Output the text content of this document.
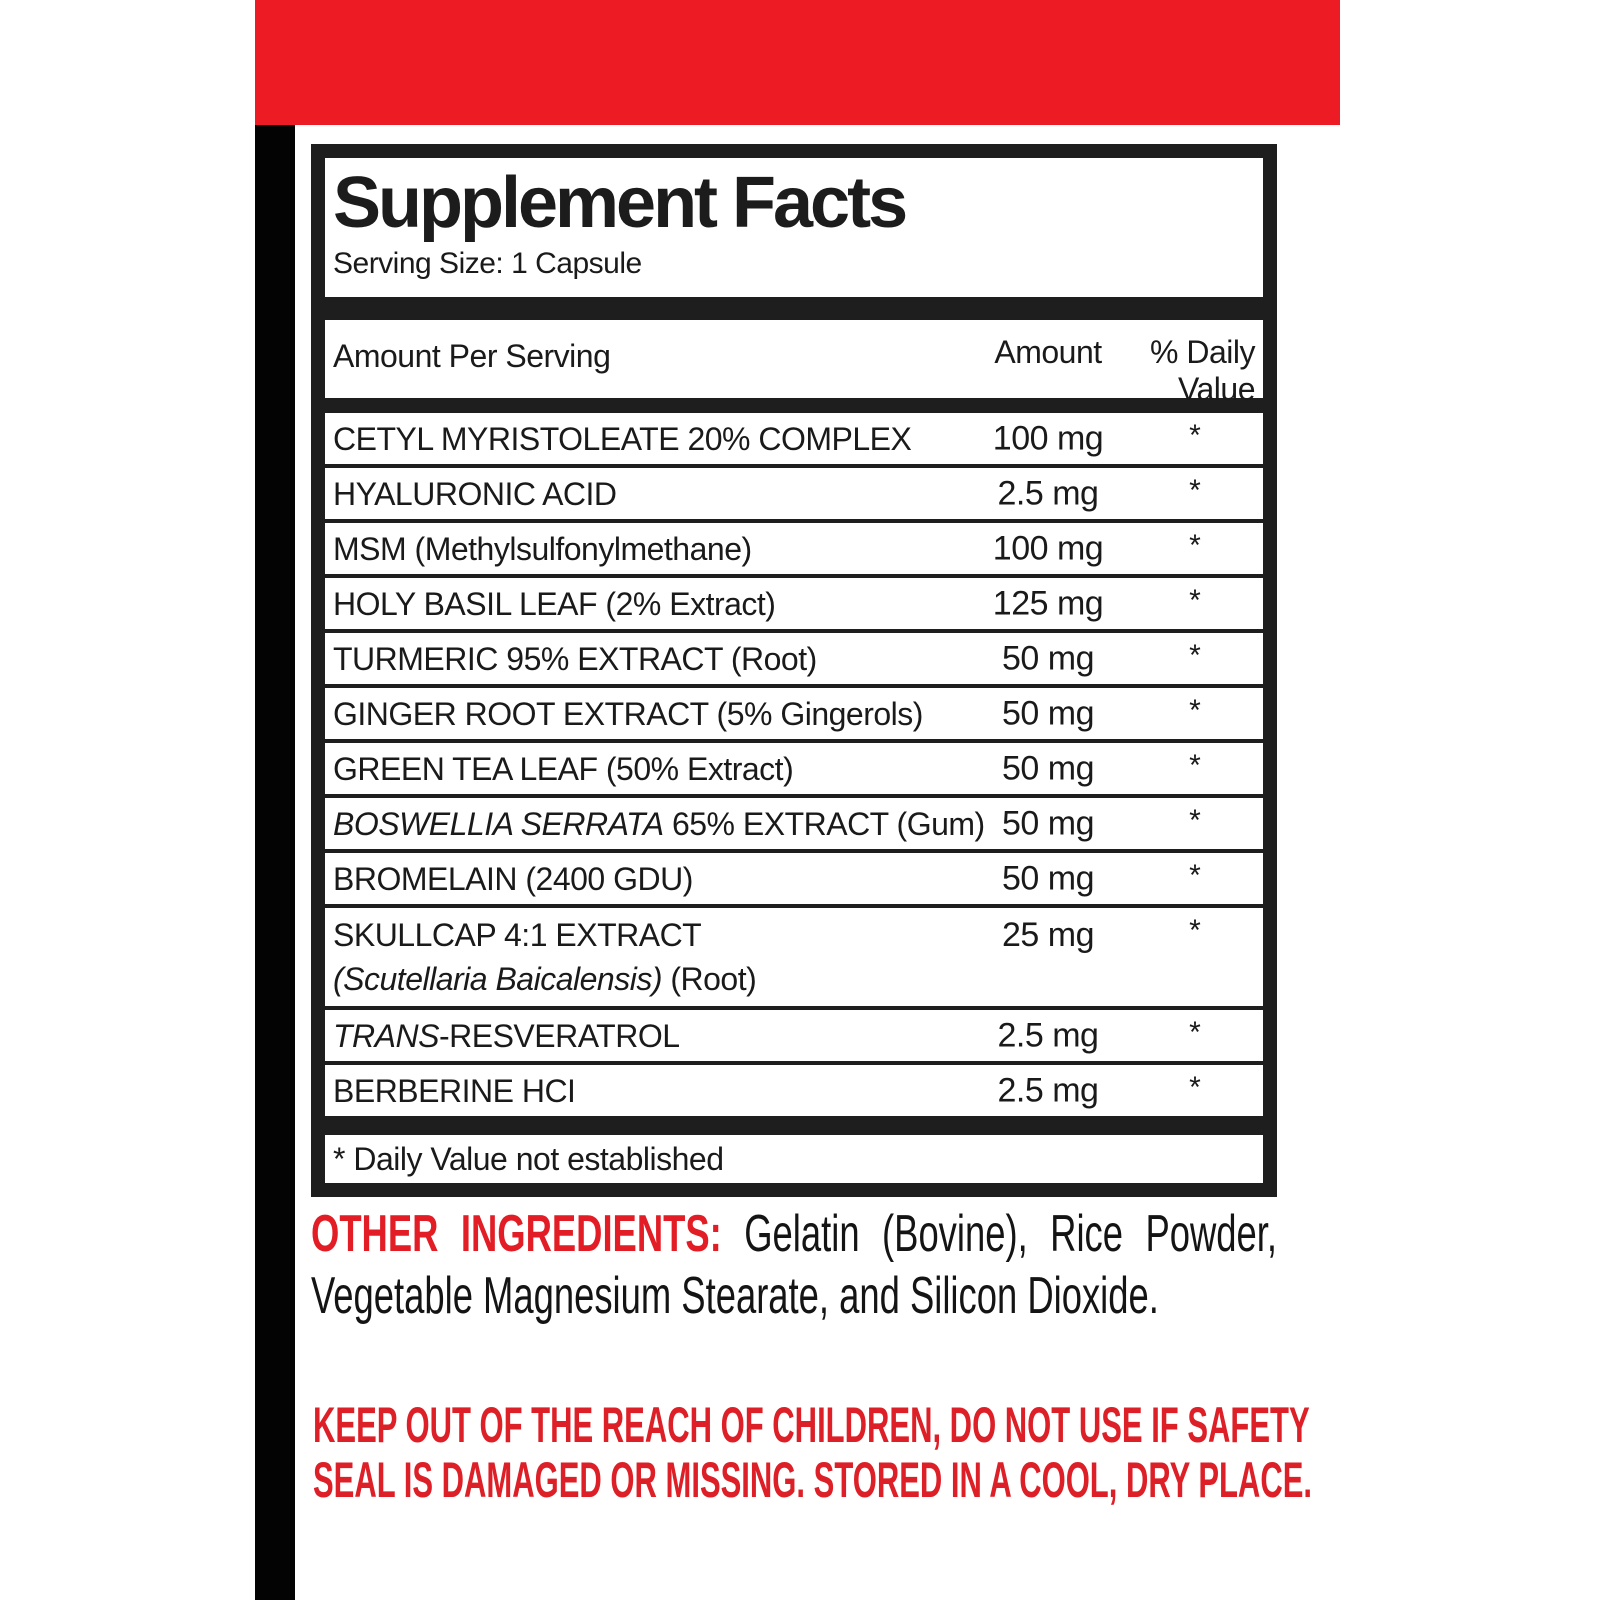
Supplement Facts
Serving Size: 1 Capsule
Amount Per Serving	Amount	% Daily
Value
CETYL MYRISTOLEATE 20% COMPLEX	100 mg	*
HYALURONIC ACID	2.5 mg	*
MSM (Methylsulfonylmethane)	100 mg	*
HOLY BASIL LEAF (2% Extract)	125 mg	*
TURMERIC 95% EXTRACT (Root)	50 mg	*
GINGER ROOT EXTRACT (5% Gingerols)	50 mg	*
GREEN TEA LEAF (50% Extract)	50 mg	*
BOSWELLIA SERRATA 65% EXTRACT (Gum) 50 mg	*
BROMELAIN (2400 GDU)	50 mg	*
SKULLCAP 4:1 EXTRACT
(Scutellaria Baicalensis) (Root)
25 mg	*
TRANS-RESVERATROL	2.5 mg	*
BERBERINE HCI	2.5 mg	*
* Daily Value not established
OTHER INGREDIENTS: Gelatin (Bovine), Rice Powder,
Vegetable Magnesium Stearate, and Silicon Dioxide.
KEEP OUT OF THE REACH OF CHILDREN, DO NOT USE IF SAFETY
SEAL IS DAMAGED OR MISSING. STORED IN A COOL, DRY PLACE.
